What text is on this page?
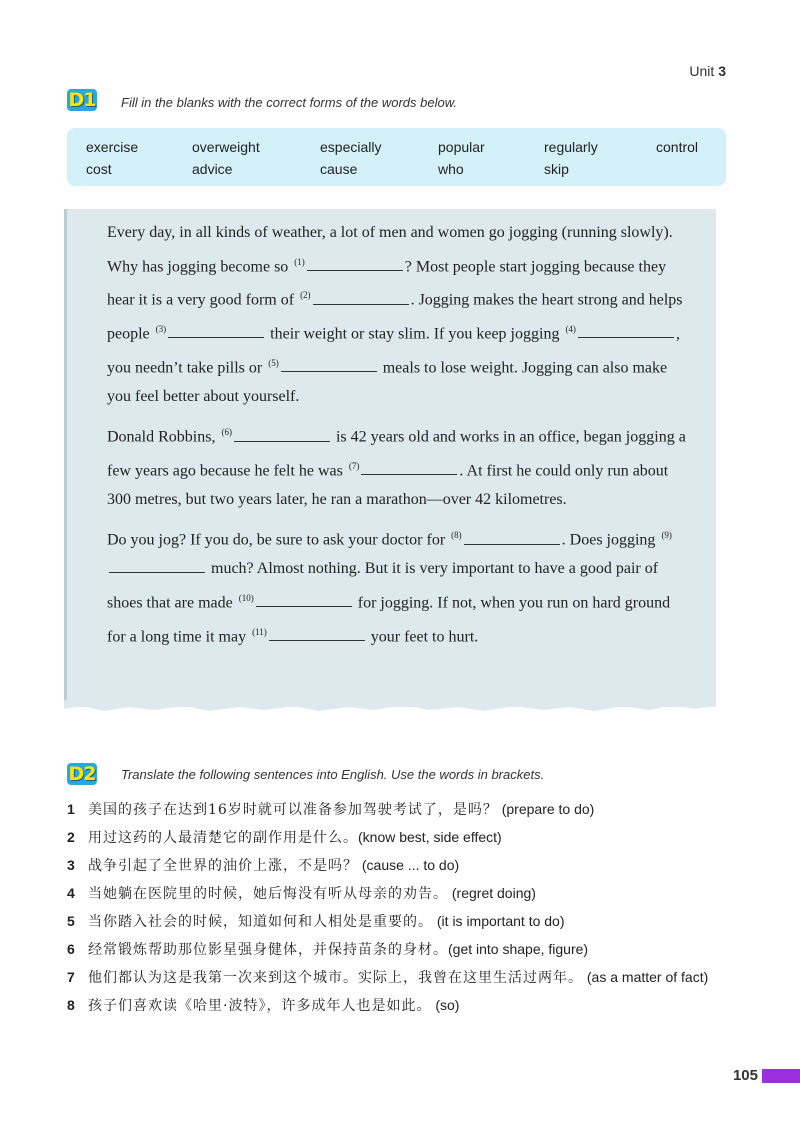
Unit 3
D1 Fill in the blanks with the correct forms of the words below.
exercise	overweight	especially	popular	regularly	control
cost	advice	cause	who	skip

Every day, in all kinds of weather, a lot of men and women go jogging (running slowly). Why has jogging become so $^{(1)}$	? Most people start jogging because they hear it is a very good form of $^{(2)}$	. Jogging makes the heart strong and helps people $^{(3)}$	their weight or stay slim. If you keep jogging $^{(4)}$	, you needn’t take pills or $^{(5)}$	meals to lose weight. Jogging can also make you feel better about yourself.

Donald Robbins, $^{(6)}$	is 42 years old and works in an office, began jogging a few years ago because he felt he was $^{(7)}$	. At first he could only run about 300 metres, but two years later, he ran a marathon—over 42 kilometres.

Do you jog? If you do, be sure to ask your doctor for $^{(8)}$	. Does jogging $^{(9)}$ much? Almost nothing. But it is very important to have a good pair of shoes that are made $^{(10)}$	for jogging. If not, when you run on hard ground for a long time it may $^{(11)}$	your feet to hurt.

D2 Translate the following sentences into English. Use the words in brackets.
1 美国的孩子在达到16岁时就可以准备参加驾驶考试了，是吗？ (prepare to do)
2 用过这药的人最清楚它的副作用是什么。(know best, side effect)
3 战争引起了全世界的油价上涨，不是吗？ (cause ... to do)
4 当她躺在医院里的时候，她后悔没有听从母亲的劝告。 (regret doing)
5 当你踏入社会的时候，知道如何和人相处是重要的。 (it is important to do)
6 经常锻炼帮助那位影星强身健体，并保持苗条的身材。(get into shape, figure)
7 他们都认为这是我第一次来到这个城市。实际上，我曾在这里生活过两年。 (as a matter of fact)
8 孩子们喜欢读《哈里·波特》，许多成年人也是如此。 (so)
105
